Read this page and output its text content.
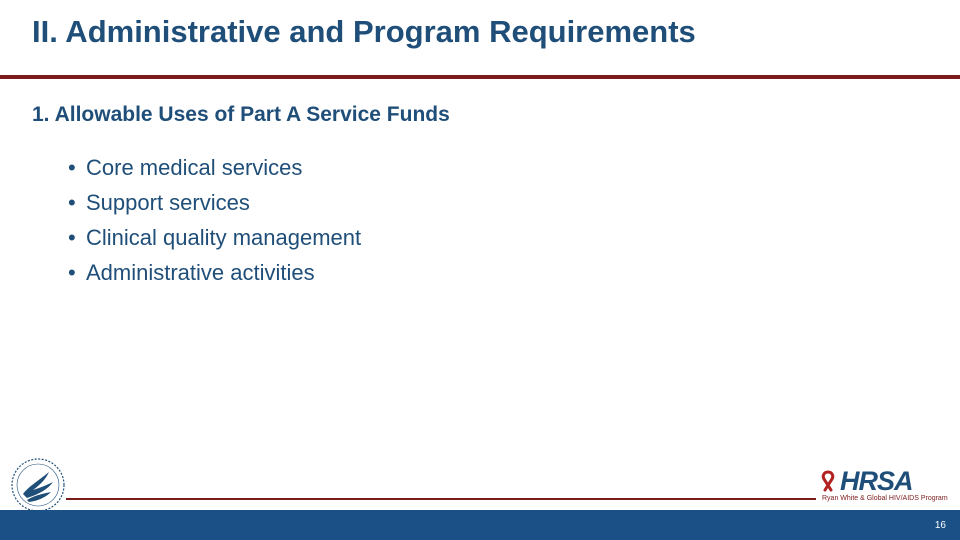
II. Administrative and Program Requirements
1. Allowable Uses of Part A Service Funds
• Core medical services
• Support services
• Clinical quality management
• Administrative activities
HRSA
Ryan White & Global HIV/AIDS Program
16
